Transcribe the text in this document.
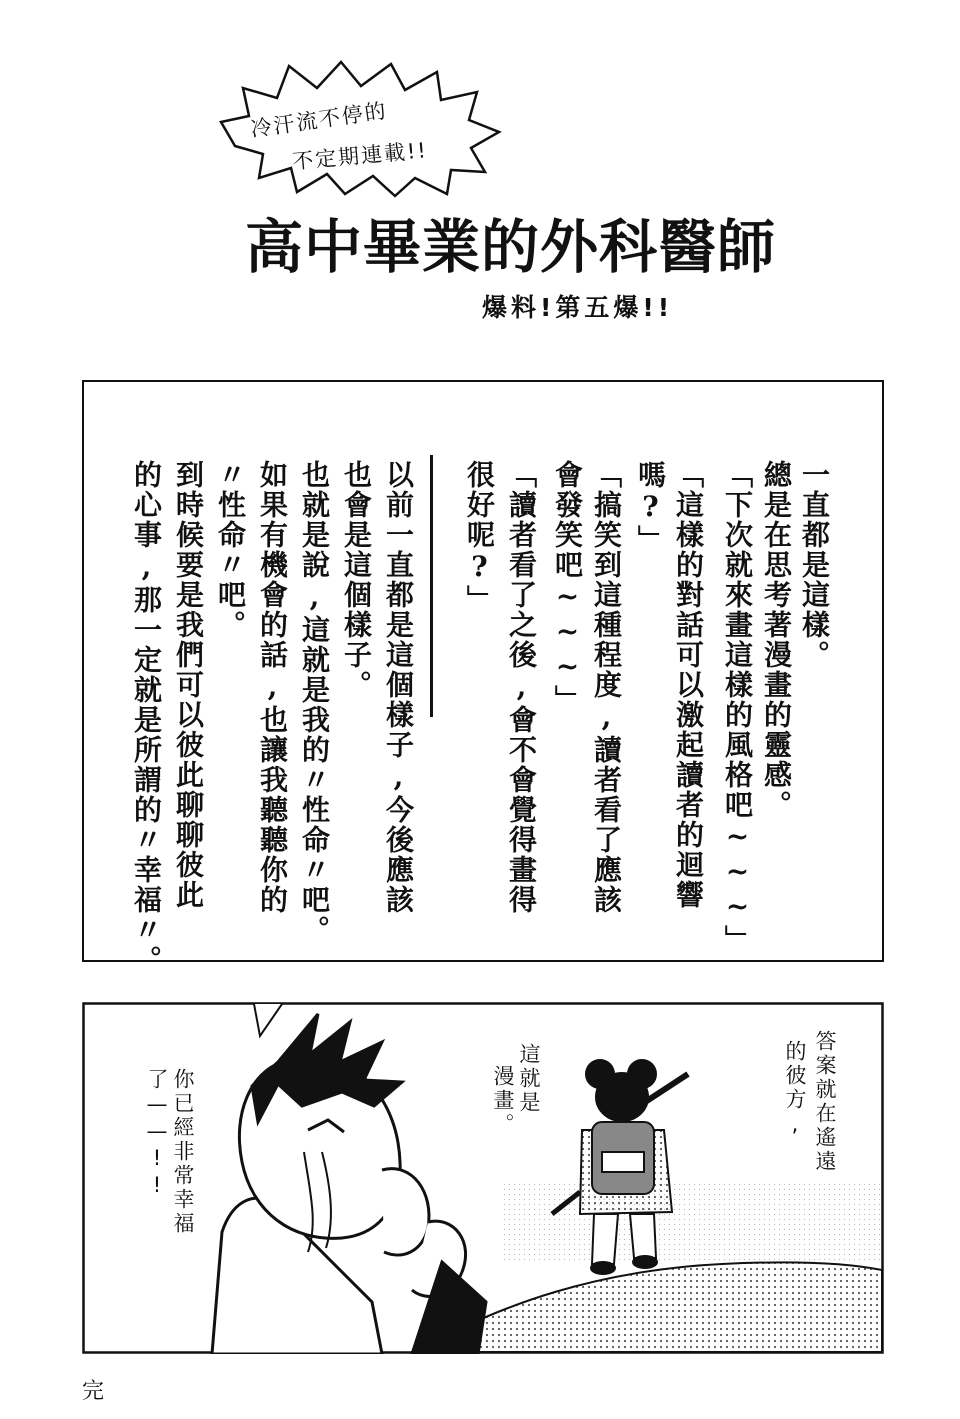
冷汗流不停的
不定期連載!!
高中畢業的外科醫師
爆料!第五爆!!
一直都是這樣。
總是在思考著漫畫的靈感。
「下次就來畫這樣的風格吧~~~」
「這樣的對話可以激起讀者的迴響
嗎?」
「搞笑到這種程度,讀者看了應該
會發笑吧~~~」
「讀者看了之後,會不會覺得畫得
很好呢?」
以前一直都是這個樣子,今後應該
也會是這個樣子。
也就是說,這就是我的〃性命〃吧。
如果有機會的話,也讓我聽聽你的
〃性命〃吧。
到時候要是我們可以彼此聊聊彼此
的心事,那一定就是所謂的〃幸福〃。
答案就在遙遠
的彼方,
這就是
漫畫。
你已經非常幸福
了——!!
完
